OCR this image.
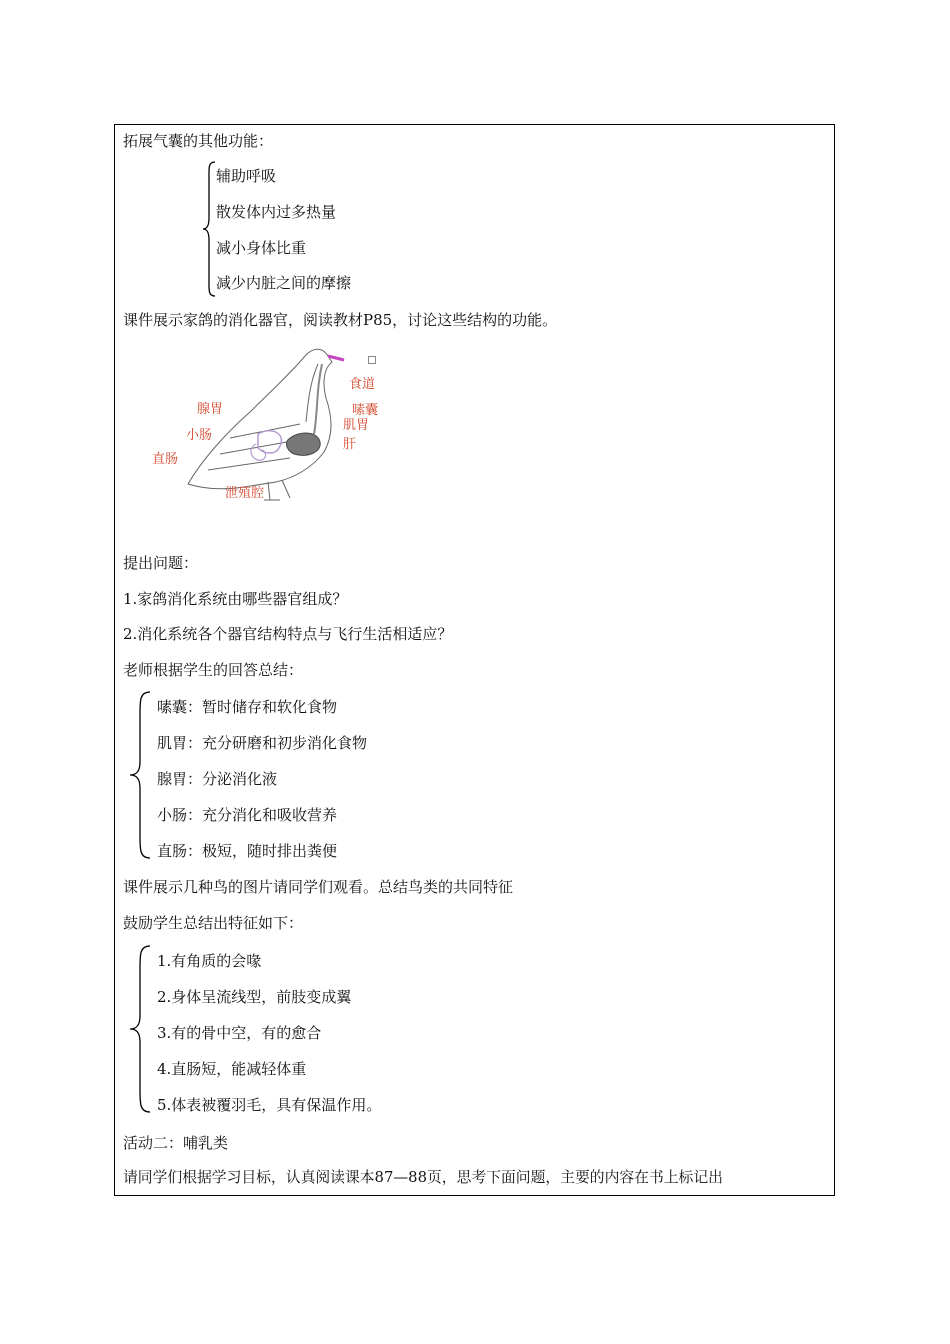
拓展气囊的其他功能：
辅助呼吸
散发体内过多热量
减小身体比重
减少内脏之间的摩擦
课件展示家鸽的消化器官，阅读教材P85，讨论这些结构的功能。
食道
嗉囊
肌胃
肝
腺胃
小肠
直肠
泄殖腔
提出问题：
1.家鸽消化系统由哪些器官组成？
2.消化系统各个器官结构特点与飞行生活相适应？
老师根据学生的回答总结：
嗉囊：暂时储存和软化食物
肌胃：充分研磨和初步消化食物
腺胃：分泌消化液
小肠：充分消化和吸收营养
直肠：极短，随时排出粪便
课件展示几种鸟的图片请同学们观看。总结鸟类的共同特征
鼓励学生总结出特征如下：
1.有角质的会喙
2.身体呈流线型，前肢变成翼
3.有的骨中空，有的愈合
4.直肠短，能减轻体重
5.体表被覆羽毛，具有保温作用。
活动二：哺乳类
请同学们根据学习目标，认真阅读课本87—88页，思考下面问题，主要的内容在书上标记出
